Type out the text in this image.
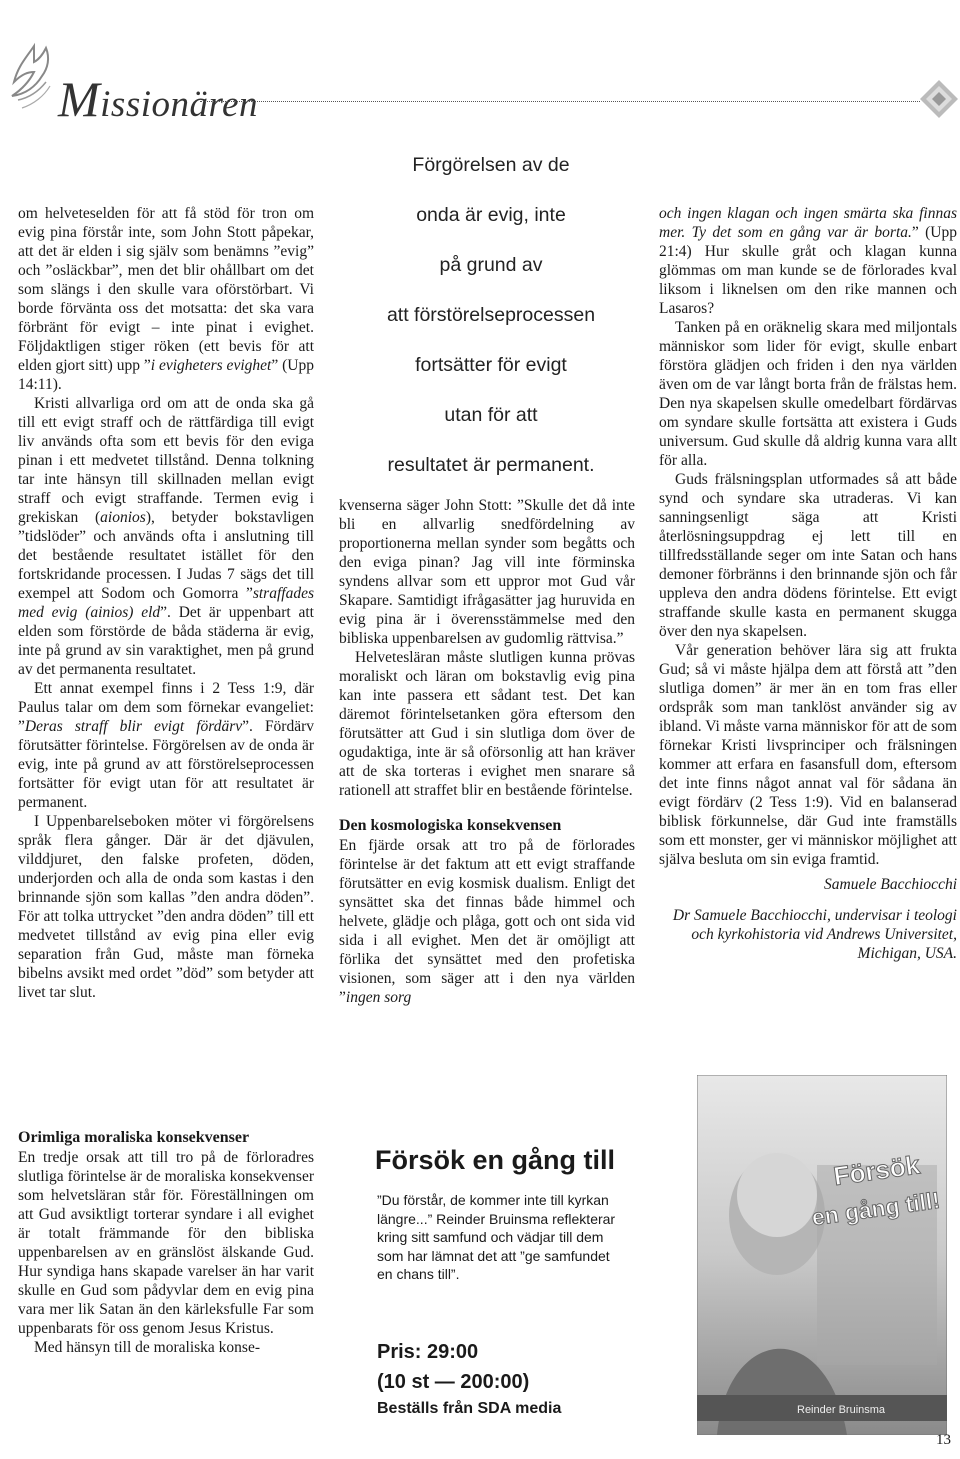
Missionären
Förgörelsen av de
onda är evig, inte
på grund av
att förstörelseprocessen
fortsätter för evigt
utan för att
resultatet är permanent.

om helveteselden för att få stöd för tron om evig pina förstår inte, som John Stott påpekar, att det är elden i sig själv som benämns ”evig” och ”osläckbar”, men det blir ohållbart om det som slängs i den skulle vara oförstörbart. Vi borde förvänta oss det motsatta: det ska vara förbränt för evigt – inte pinat i evighet. Följdaktligen stiger röken (ett bevis för att elden gjort sitt) upp ”i evigheters evighet” (Upp 14:11).

Kristi allvarliga ord om att de onda ska gå till ett evigt straff och de rättfärdiga till evigt liv används ofta som ett bevis för den eviga pinan i ett medvetet tillstånd. Denna tolkning tar inte hänsyn till skillnaden mellan evigt straff och evigt straffande. Termen evig i grekiskan (aionios), betyder bokstavligen ”tidslöder” och används ofta i anslutning till det bestående resultatet istället för den fortskridande processen. I Judas 7 sägs det till exempel att Sodom och Gomorra ”straffades med evig (ainios) eld”. Det är uppenbart att elden som förstörde de båda städerna är evig, inte på grund av sin varaktighet, men på grund av det permanenta resultatet.

Ett annat exempel finns i 2 Tess 1:9, där Paulus talar om dem som förnekar evangeliet: ”Deras straff blir evigt fördärv”. Fördärv förutsätter förintelse. Förgörelsen av de onda är evig, inte på grund av att förstörelseprocessen fortsätter för evigt utan för att resultatet är permanent.

I Uppenbarelseboken möter vi förgörelsens språk flera gånger. Där är det djävulen, vilddjuret, den falske profeten, döden, underjorden och alla de onda som kastas i den brinnande sjön som kallas ”den andra döden”. För att tolka uttrycket ”den andra döden” till ett medvetet tillstånd av evig pina eller evig separation från Gud, måste man förneka bibelns avsikt med ordet ”död” som betyder att livet tar slut.

Orimliga moraliska konsekvenser

En tredje orsak att till tro på de förloradres slutliga förintelse är de moraliska konsekvenser som helvetsläran står för. Föreställningen om att Gud avsiktligt torterar syndare i all evighet är totalt främmande för den bibliska uppenbarelsen av en gränslöst älskande Gud. Hur syndiga hans skapade varelser än har varit skulle en Gud som pådyvlar dem en evig pina vara mer lik Satan än den kärleksfulle Far som uppenbarats för oss genom Jesus Kristus.

Med hänsyn till de moraliska konse-

kvenserna säger John Stott: ”Skulle det då inte bli en allvarlig snedfördelning av proportionerna mellan synder som begåtts och den eviga pinan? Jag vill inte förminska syndens allvar som ett uppror mot Gud vår Skapare. Samtidigt ifrågasätter jag huruvida en evig pina är i överensstämmelse med den bibliska uppenbarelsen av gudomlig rättvisa.”

Helvetesläran måste slutligen kunna prövas moraliskt och läran om bokstavlig evig pina kan inte passera ett sådant test. Det kan däremot förintelsetanken göra eftersom den förutsätter att Gud i sin slutliga dom över de ogudaktiga, inte är så oförsonlig att han kräver att de ska torteras i evighet men snarare så rationell att straffet blir en bestående förintelse.

Den kosmologiska konsekvensen

En fjärde orsak att tro på de förlorades förintelse är det faktum att ett evigt straffande förutsätter en evig kosmisk dualism. Enligt det synsättet ska det finnas både himmel och helvete, glädje och plåga, gott och ont sida vid sida i all evighet. Men det är omöjligt att förlika det synsättet med den profetiska visionen, som säger att i den nya världen ”ingen sorg

och ingen klagan och ingen smärta ska finnas mer. Ty det som en gång var är borta.” (Upp 21:4) Hur skulle gråt och klagan kunna glömmas om man kunde se de förlorades kval liksom i liknelsen om den rike mannen och Lasaros?

Tanken på en oräknelig skara med miljontals människor som lider för evigt, skulle enbart förstöra glädjen och friden i den nya världen även om de var långt borta från de frälstas hem. Den nya skapelsen skulle omedelbart fördärvas om syndare skulle fortsätta att existera i Guds universum. Gud skulle då aldrig kunna vara allt för alla.

Guds frälsningsplan utformades så att både synd och syndare ska utraderas. Vi kan sanningsenligt säga att Kristi återlösningsuppdrag ej lett till en tillfredsställande seger om inte Satan och hans demoner förbränns i den brinnande sjön och får uppleva den andra dödens förintelse. Ett evigt straffande skulle kasta en permanent skugga över den nya skapelsen.

Vår generation behöver lära sig att frukta Gud; så vi måste hjälpa dem att förstå att ”den slutliga domen” är mer än en tom fras eller ordspråk som man tanklöst använder sig av ibland. Vi måste varna människor för att de som förnekar Kristi livsprinciper och frälsningen kommer att erfara en fasansfull dom, eftersom det inte finns något annat val för sådana än evigt fördärv (2 Tess 1:9). Vid en balanserad biblisk förkunnelse, där Gud inte framställs som ett monster, ger vi människor möjlighet att själva besluta om sin eviga framtid.

Samuele Bacchiocchi

Dr Samuele Bacchiocchi, undervisar i teologi och kyrkohistoria vid Andrews Universitet, Michigan, USA.

Försök en gång till
”Du förstår, de kommer inte till kyrkan längre...” Reinder Bruinsma reflekterar kring sitt samfund och vädjar till dem som har lämnat det att ”ge samfundet en chans till”.
Pris: 29:00
(10 st — 200:00)
Beställs från SDA media
Försök
en gång till!
Reinder Bruinsma
13
